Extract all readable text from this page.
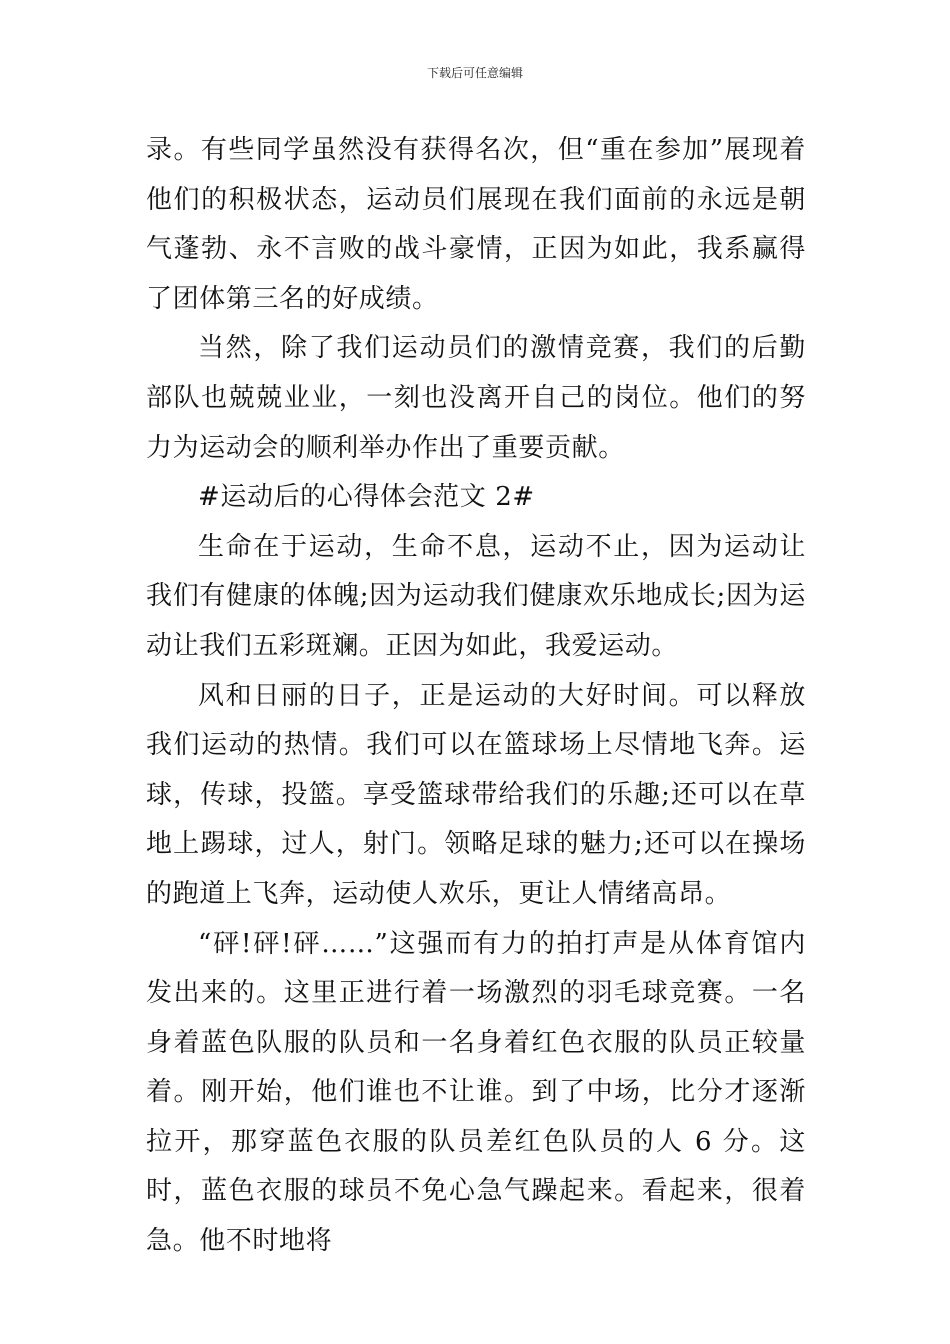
下载后可任意编辑

录。有些同学虽然没有获得名次，但“重在参加”展现着他们的积极状态，运动员们展现在我们面前的永远是朝气蓬勃、永不言败的战斗豪情，正因为如此，我系赢得了团体第三名的好成绩。

当然，除了我们运动员们的激情竞赛，我们的后勤部队也兢兢业业，一刻也没离开自己的岗位。他们的努力为运动会的顺利举办作出了重要贡献。

#运动后的心得体会范文 2#

生命在于运动，生命不息，运动不止，因为运动让我们有健康的体魄;因为运动我们健康欢乐地成长;因为运动让我们五彩斑斓。正因为如此，我爱运动。

风和日丽的日子，正是运动的大好时间。可以释放我们运动的热情。我们可以在篮球场上尽情地飞奔。运球，传球，投篮。享受篮球带给我们的乐趣;还可以在草地上踢球，过人，射门。领略足球的魅力;还可以在操场的跑道上飞奔，运动使人欢乐，更让人情绪高昂。

“砰!砰!砰……”这强而有力的拍打声是从体育馆内发出来的。这里正进行着一场激烈的羽毛球竞赛。一名身着蓝色队服的队员和一名身着红色衣服的队员正较量着。刚开始，他们谁也不让谁。到了中场，比分才逐渐拉开，那穿蓝色衣服的队员差红色队员的人 6 分。这时，蓝色衣服的球员不免心急气躁起来。看起来，很着急。他不时地将
